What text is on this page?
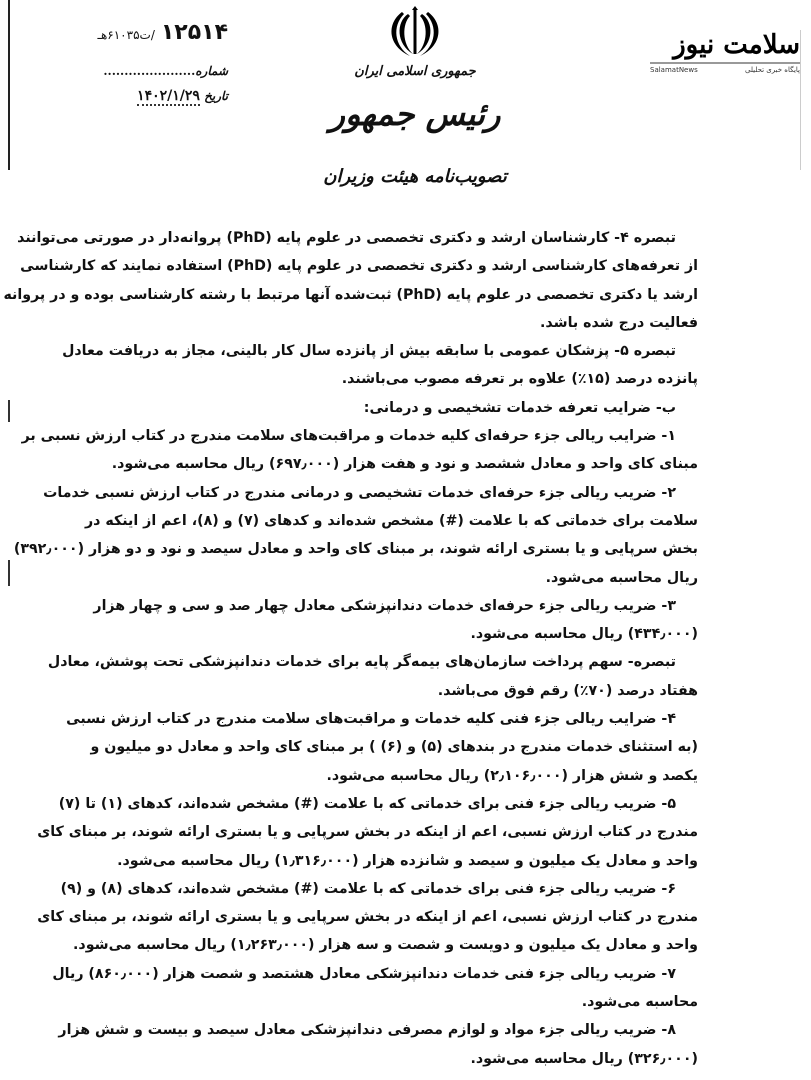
سلامت نیوز
SalamatNews	پایگاه خبری تحلیلی
جمهوری اسلامی ایران
رئیس جمهور
تصویب‌نامه هیئت وزیران
۱۲۵۱۴/ت۶۱۰۳۵هـ
شماره......................
تاریخ ۱۴۰۲/۱/۲۹
تبصره ۴- کارشناسان ارشد و دکتری تخصصی در علوم پایه (PhD) پروانه‌دار در صورتی می‌توانند
از تعرفه‌های کارشناسی ارشد و دکتری تخصصی در علوم پایه (PhD) استفاده نمایند که کارشناسی
ارشد یا دکتری تخصصی در علوم پایه (PhD) ثبت‌شده آنها مرتبط با رشته کارشناسی بوده و در پروانه
فعالیت درج شده باشد.
تبصره ۵- پزشکان عمومی با سابقه بیش از پانزده سال کار بالینی، مجاز به دریافت معادل
پانزده درصد (۱۵٪) علاوه بر تعرفه مصوب می‌باشند.
ب- ضرایب تعرفه خدمات تشخیصی و درمانی:
۱- ضرایب ریالی جزء حرفه‌ای کلیه خدمات و مراقبت‌های سلامت مندرج در کتاب ارزش نسبی بر
مبنای کای واحد و معادل ششصد و نود و هفت هزار (۶۹۷٫۰۰۰) ریال محاسبه می‌شود.
۲- ضریب ریالی جزء حرفه‌ای خدمات تشخیصی و درمانی مندرج در کتاب ارزش نسبی خدمات
سلامت برای خدماتی که با علامت (#) مشخص شده‌اند و کدهای (۷) و (۸)، اعم از اینکه در
بخش سرپایی و یا بستری ارائه شوند، بر مبنای کای واحد و معادل سیصد و نود و دو هزار (۳۹۲٫۰۰۰)
ریال محاسبه می‌شود.
۳- ضریب ریالی جزء حرفه‌ای خدمات دندانپزشکی معادل چهار صد و سی و چهار هزار
(۴۳۴٫۰۰۰) ریال محاسبه می‌شود.
تبصره- سهم پرداخت سازمان‌های بیمه‌گر پایه برای خدمات دندانپزشکی تحت پوشش، معادل
هفتاد درصد (۷۰٪) رقم فوق می‌باشد.
۴- ضرایب ریالی جزء فنی کلیه خدمات و مراقبت‌های سلامت مندرج در کتاب ارزش نسبی
(به استثنای خدمات مندرج در بندهای (۵) و (۶) ) بر مبنای کای واحد و معادل دو میلیون و
یکصد و شش هزار (۲٫۱۰۶٫۰۰۰) ریال محاسبه می‌شود.
۵- ضریب ریالی جزء فنی برای خدماتی که با علامت (#) مشخص شده‌اند، کدهای (۱) تا (۷)
مندرج در کتاب ارزش نسبی، اعم از اینکه در بخش سرپایی و یا بستری ارائه شوند، بر مبنای کای
واحد و معادل یک میلیون و سیصد و شانزده هزار (۱٫۳۱۶٫۰۰۰) ریال محاسبه می‌شود.
۶- ضریب ریالی جزء فنی برای خدماتی که با علامت (#) مشخص شده‌اند، کدهای (۸) و (۹)
مندرج در کتاب ارزش نسبی، اعم از اینکه در بخش سرپایی و یا بستری ارائه شوند، بر مبنای کای
واحد و معادل یک میلیون و دویست و شصت و سه هزار (۱٫۲۶۳٫۰۰۰) ریال محاسبه می‌شود.
۷- ضریب ریالی جزء فنی خدمات دندانپزشکی معادل هشتصد و شصت هزار (۸۶۰٫۰۰۰) ریال
محاسبه می‌شود.
۸- ضریب ریالی جزء مواد و لوازم مصرفی دندانپزشکی معادل سیصد و بیست و شش هزار
(۳۲۶٫۰۰۰) ریال محاسبه می‌شود.
